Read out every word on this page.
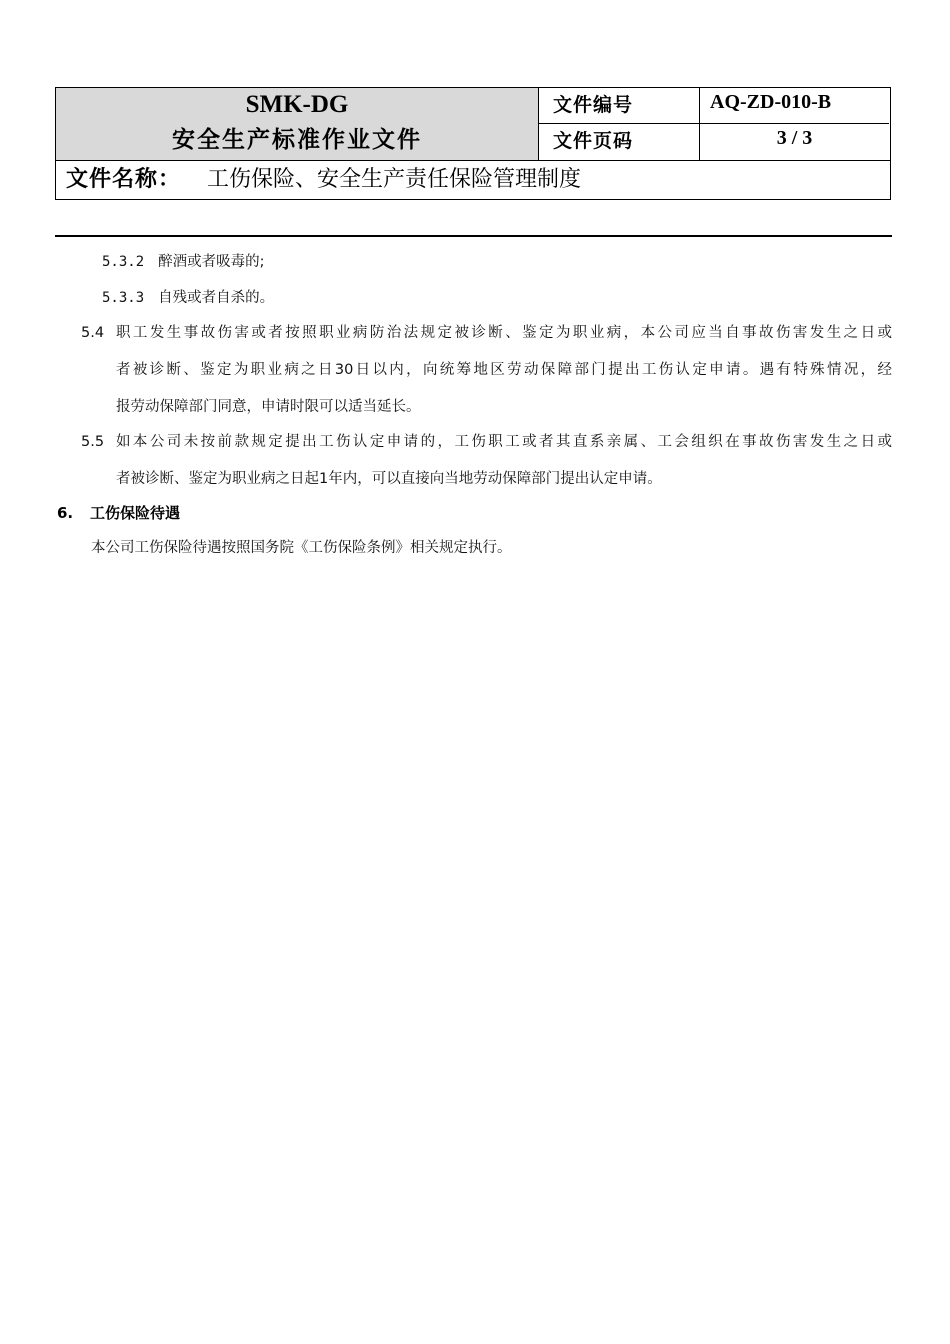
SMK-DG
安全生产标准作业文件
文件编号	AQ-ZD-010-B
文件页码	3 / 3
文件名称： 工伤保险、安全生产责任保险管理制度
5.3.2 醉酒或者吸毒的;
5.3.3 自残或者自杀的。
5.4 职工发生事故伤害或者按照职业病防治法规定被诊断、鉴定为职业病，本公司应当自事故伤害发生之日或
者被诊断、鉴定为职业病之日30日以内，向统筹地区劳动保障部门提出工伤认定申请。遇有特殊情况，经
报劳动保障部门同意，申请时限可以适当延长。
5.5 如本公司未按前款规定提出工伤认定申请的，工伤职工或者其直系亲属、工会组织在事故伤害发生之日或
者被诊断、鉴定为职业病之日起1年内，可以直接向当地劳动保障部门提出认定申请。
6. 工伤保险待遇
本公司工伤保险待遇按照国务院《工伤保险条例》相关规定执行。
